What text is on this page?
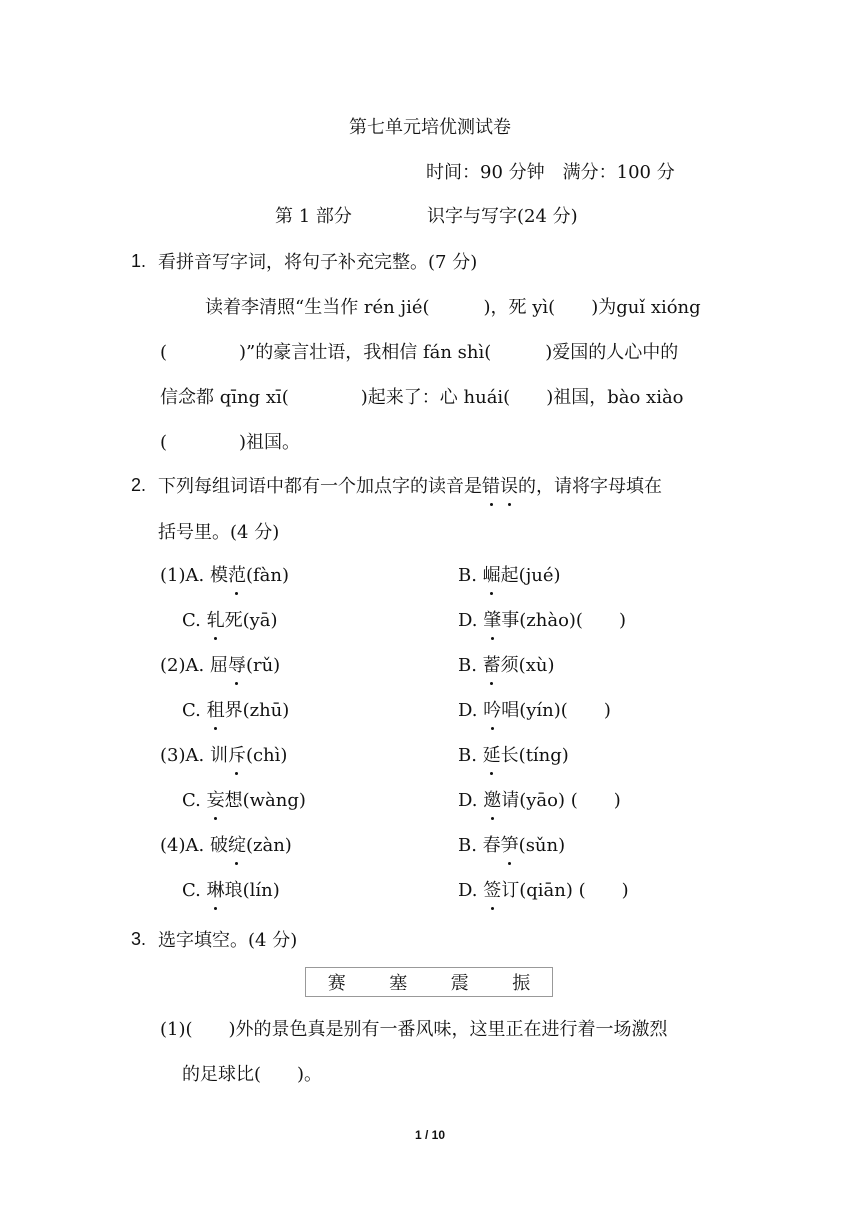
第七单元培优测试卷
时间：90 分钟　满分：100 分
第 1 部分	识字与写字(24 分)
1. 看拼音写字词，将句子补充完整。(7 分)
读着李清照“生当作 rén jié(　　　)，死 yì(　　)为guǐ xióng
(　　　　)”的豪言壮语，我相信 fán shì(　　　)爱国的人心中的
信念都 qīng xī(　　　　)起来了：心 huái(　　)祖国，bào xiào
(　　　　)祖国。
2. 下列每组词语中都有一个加点字的读音是错误的，请将字母填在
括号里。(4 分)
(1)A. 模范(fàn)	B. 崛起(jué)
C. 轧死(yā)	D. 肇事(zhào)(　　)
(2)A. 屈辱(rǔ)	B. 蓄须(xù)
C. 租界(zhū)	D. 吟唱(yín)(　　)
(3)A. 训斥(chì)	B. 延长(tíng)
C. 妄想(wàng)	D. 邀请(yāo) (　　)
(4)A. 破绽(zàn)	B. 春笋(sǔn)
C. 琳琅(lín)	D. 签订(qiān) (　　)
3. 选字填空。(4 分)
赛 塞 震 振
(1)(　　)外的景色真是别有一番风味，这里正在进行着一场激烈
的足球比(　　)。
1 / 10
